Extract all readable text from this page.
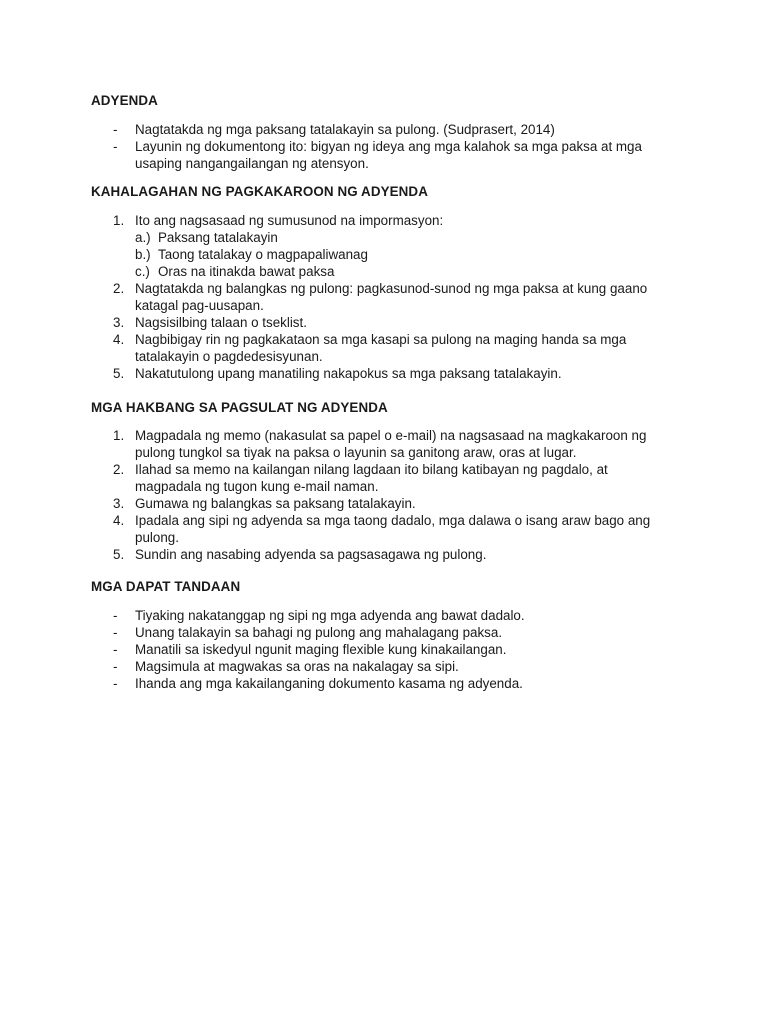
ADYENDA
- Nagtatakda ng mga paksang tatalakayin sa pulong. (Sudprasert, 2014)
- Layunin ng dokumentong ito: bigyan ng ideya ang mga kalahok sa mga paksa at mga usaping nangangailangan ng atensyon.
KAHALAGAHAN NG PAGKAKAROON NG ADYENDA
1. Ito ang nagsasaad ng sumusunod na impormasyon:
a.) Paksang tatalakayin
b.) Taong tatalakay o magpapaliwanag
c.) Oras na itinakda bawat paksa
2. Nagtatakda ng balangkas ng pulong: pagkasunod-sunod ng mga paksa at kung gaano katagal pag-uusapan.
3. Nagsisilbing talaan o tseklist.
4. Nagbibigay rin ng pagkakataon sa mga kasapi sa pulong na maging handa sa mga tatalakayin o pagdedesisyunan.
5. Nakatutulong upang manatiling nakapokus sa mga paksang tatalakayin.
MGA HAKBANG SA PAGSULAT NG ADYENDA
1. Magpadala ng memo (nakasulat sa papel o e-mail) na nagsasaad na magkakaroon ng pulong tungkol sa tiyak na paksa o layunin sa ganitong araw, oras at lugar.
2. Ilahad sa memo na kailangan nilang lagdaan ito bilang katibayan ng pagdalo, at magpadala ng tugon kung e-mail naman.
3. Gumawa ng balangkas sa paksang tatalakayin.
4. Ipadala ang sipi ng adyenda sa mga taong dadalo, mga dalawa o isang araw bago ang pulong.
5. Sundin ang nasabing adyenda sa pagsasagawa ng pulong.
MGA DAPAT TANDAAN
- Tiyaking nakatanggap ng sipi ng mga adyenda ang bawat dadalo.
- Unang talakayin sa bahagi ng pulong ang mahalagang paksa.
- Manatili sa iskedyul ngunit maging flexible kung kinakailangan.
- Magsimula at magwakas sa oras na nakalagay sa sipi.
- Ihanda ang mga kakailanganing dokumento kasama ng adyenda.
